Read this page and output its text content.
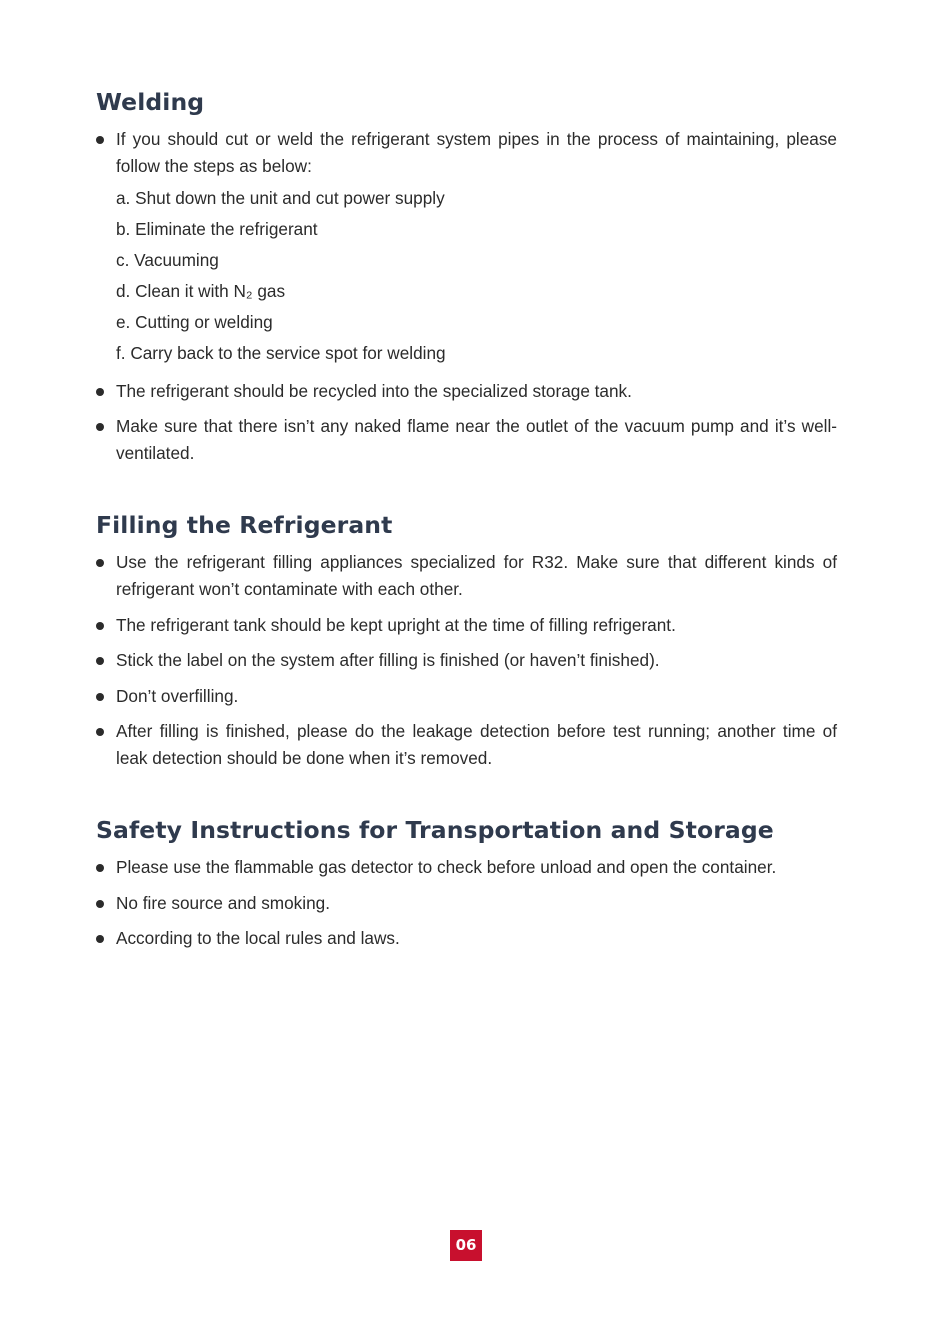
Welding
If you should cut or weld the refrigerant system pipes in the process of maintaining, please follow the steps as below:
a. Shut down the unit and cut power supply
b. Eliminate the refrigerant
c. Vacuuming
d. Clean it with N₂ gas
e. Cutting or welding
f. Carry back to the service spot for welding
The refrigerant should be recycled into the specialized storage tank.
Make sure that there isn’t any naked flame near the outlet of the vacuum pump and it’s well-ventilated.
Filling the Refrigerant
Use the refrigerant filling appliances specialized for R32. Make sure that different kinds of refrigerant won’t contaminate with each other.
The refrigerant tank should be kept upright at the time of filling refrigerant.
Stick the label on the system after filling is finished (or haven’t finished).
Don’t overfilling.
After filling is finished, please do the leakage detection before test running; another time of leak detection should be done when it’s removed.
Safety Instructions for Transportation and Storage
Please use the flammable gas detector to check before unload and open the container.
No fire source and smoking.
According to the local rules and laws.
06
